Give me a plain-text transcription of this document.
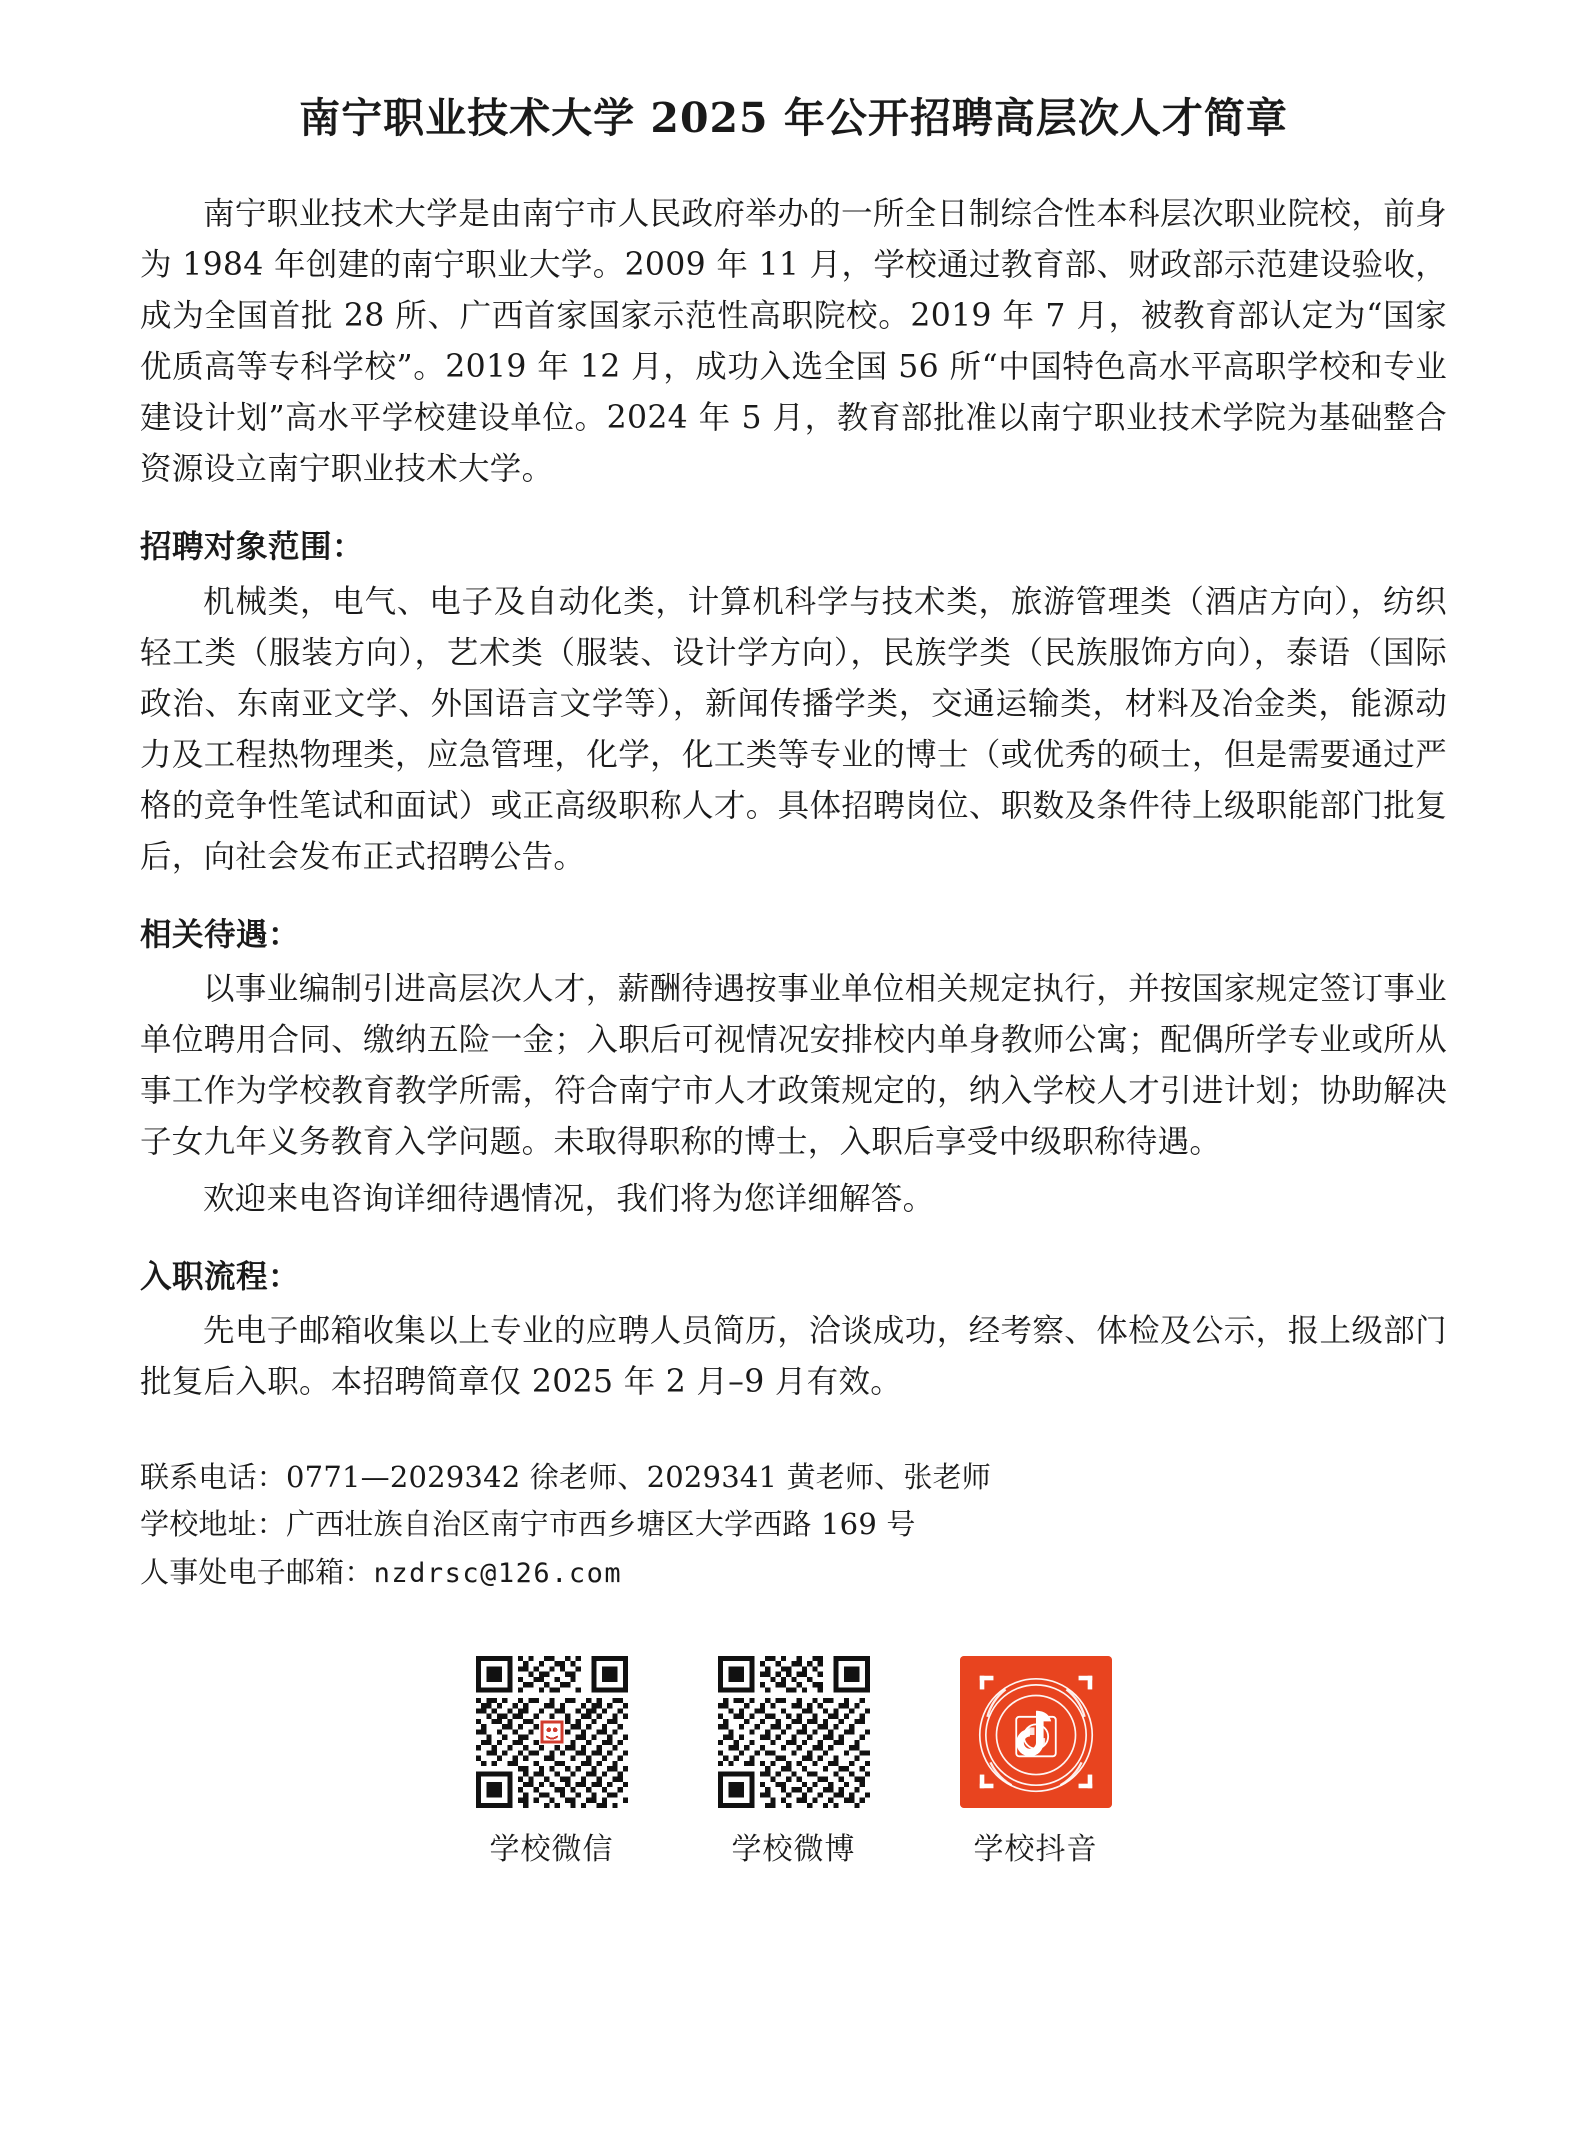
南宁职业技术大学 2025 年公开招聘高层次人才简章

南宁职业技术大学是由南宁市人民政府举办的一所全日制综合性本科层次职业院校，前身为 1984 年创建的南宁职业大学。2009 年 11 月，学校通过教育部、财政部示范建设验收，成为全国首批 28 所、广西首家国家示范性高职院校。2019 年 7 月，被教育部认定为“国家优质高等专科学校”。2019 年 12 月，成功入选全国 56 所“中国特色高水平高职学校和专业建设计划”高水平学校建设单位。2024 年 5 月，教育部批准以南宁职业技术学院为基础整合资源设立南宁职业技术大学。

招聘对象范围：

机械类，电气、电子及自动化类，计算机科学与技术类，旅游管理类（酒店方向），纺织轻工类（服装方向），艺术类（服装、设计学方向），民族学类（民族服饰方向），泰语（国际政治、东南亚文学、外国语言文学等），新闻传播学类，交通运输类，材料及冶金类，能源动力及工程热物理类，应急管理，化学，化工类等专业的博士（或优秀的硕士，但是需要通过严格的竞争性笔试和面试）或正高级职称人才。具体招聘岗位、职数及条件待上级职能部门批复后，向社会发布正式招聘公告。

相关待遇：

以事业编制引进高层次人才，薪酬待遇按事业单位相关规定执行，并按国家规定签订事业单位聘用合同、缴纳五险一金；入职后可视情况安排校内单身教师公寓；配偶所学专业或所从事工作为学校教育教学所需，符合南宁市人才政策规定的，纳入学校人才引进计划；协助解决子女九年义务教育入学问题。未取得职称的博士，入职后享受中级职称待遇。

欢迎来电咨询详细待遇情况，我们将为您详细解答。

入职流程：

先电子邮箱收集以上专业的应聘人员简历，洽谈成功，经考察、体检及公示，报上级部门批复后入职。本招聘简章仅 2025 年 2 月–9 月有效。

联系电话：0771—2029342 徐老师、2029341 黄老师、张老师

学校地址：广西壮族自治区南宁市西乡塘区大学西路 169 号

人事处电子邮箱：nzdrsc@126.com

学校微信	学校微博	学校抖音
